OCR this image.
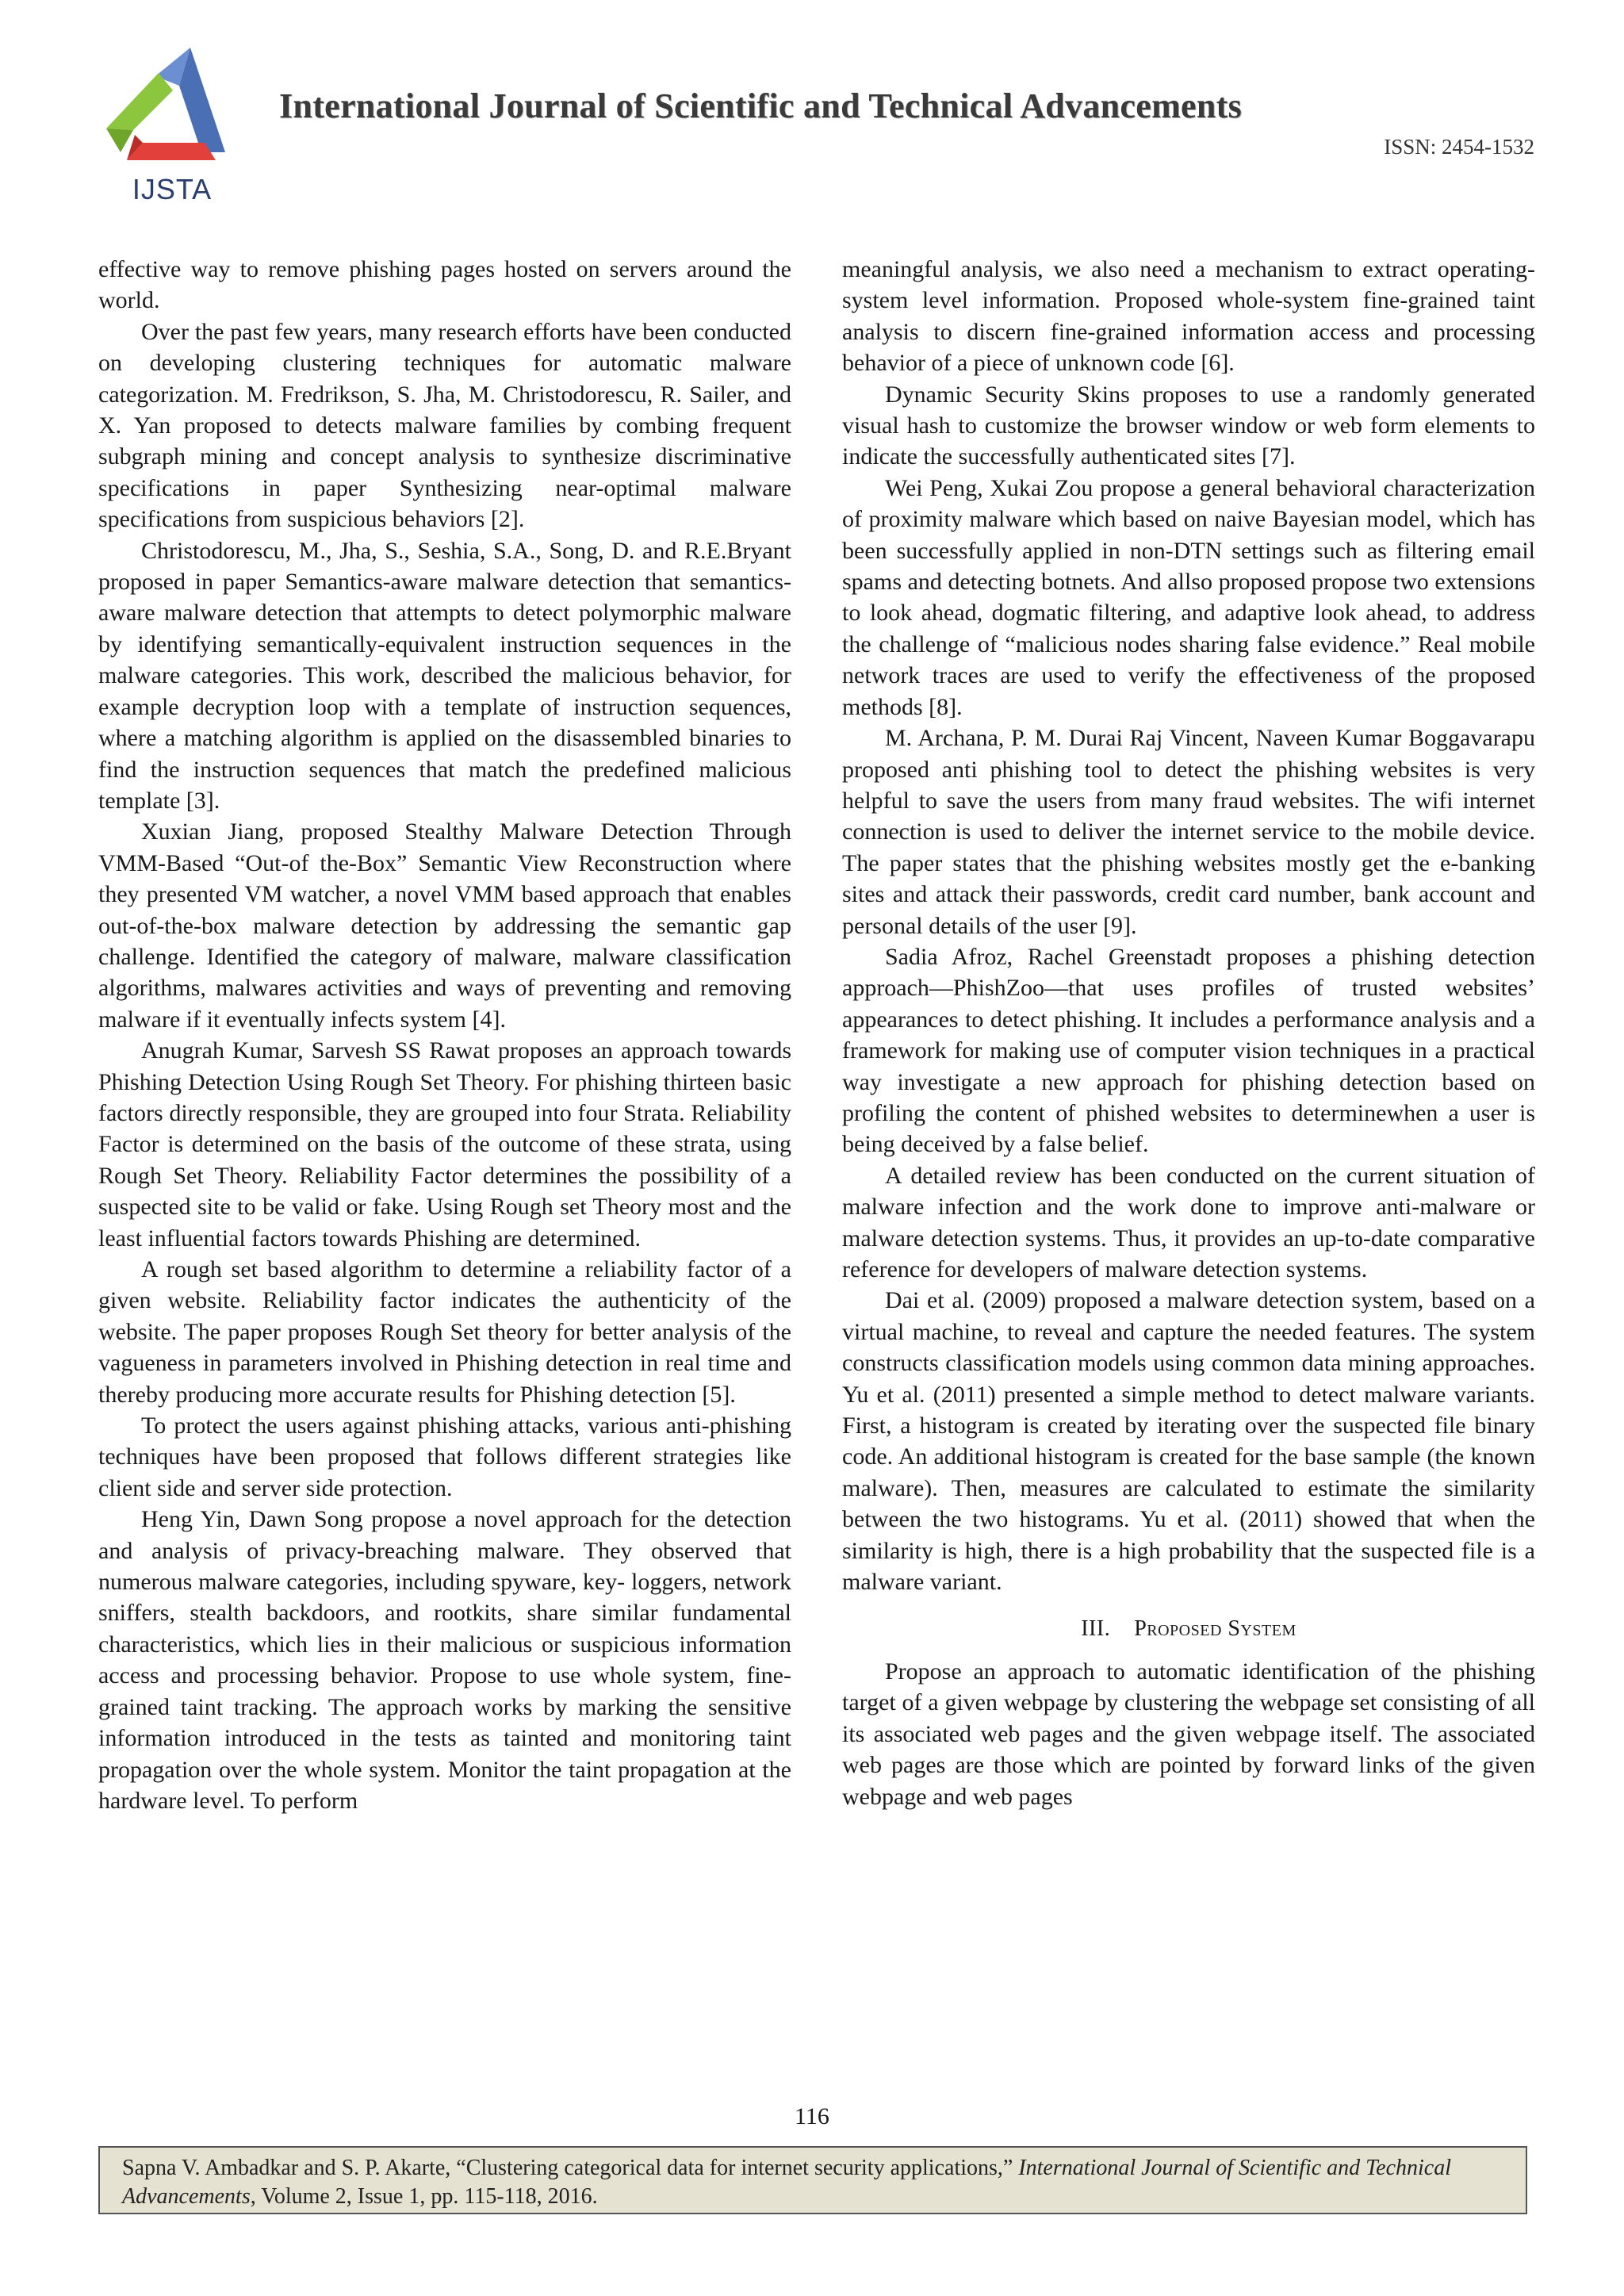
IJSTA
International Journal of Scientific and Technical Advancements
ISSN: 2454-1532

effective way to remove phishing pages hosted on servers around the world.

Over the past few years, many research efforts have been conducted on developing clustering techniques for automatic malware categorization. M. Fredrikson, S. Jha, M. Christodorescu, R. Sailer, and X. Yan proposed to detects malware families by combing frequent subgraph mining and concept analysis to synthesize discriminative specifications in paper Synthesizing near-optimal malware specifications from suspicious behaviors [2].

Christodorescu, M., Jha, S., Seshia, S.A., Song, D. and R.E.Bryant proposed in paper Semantics-aware malware detection that semantics-aware malware detection that attempts to detect polymorphic malware by identifying semantically-equivalent instruction sequences in the malware categories. This work, described the malicious behavior, for example decryption loop with a template of instruction sequences, where a matching algorithm is applied on the disassembled binaries to find the instruction sequences that match the predefined malicious template [3].

Xuxian Jiang, proposed Stealthy Malware Detection Through VMM-Based “Out-of the-Box” Semantic View Reconstruction where they presented VM watcher, a novel VMM based approach that enables out-of-the-box malware detection by addressing the semantic gap challenge. Identified the category of malware, malware classification algorithms, malwares activities and ways of preventing and removing malware if it eventually infects system [4].

Anugrah Kumar, Sarvesh SS Rawat proposes an approach towards Phishing Detection Using Rough Set Theory. For phishing thirteen basic factors directly responsible, they are grouped into four Strata. Reliability Factor is determined on the basis of the outcome of these strata, using Rough Set Theory. Reliability Factor determines the possibility of a suspected site to be valid or fake. Using Rough set Theory most and the least influential factors towards Phishing are determined.

A rough set based algorithm to determine a reliability factor of a given website. Reliability factor indicates the authenticity of the website. The paper proposes Rough Set theory for better analysis of the vagueness in parameters involved in Phishing detection in real time and thereby producing more accurate results for Phishing detection [5].

To protect the users against phishing attacks, various anti-phishing techniques have been proposed that follows different strategies like client side and server side protection.

Heng Yin, Dawn Song propose a novel approach for the detection and analysis of privacy-breaching malware. They observed that numerous malware categories, including spyware, key- loggers, network sniffers, stealth backdoors, and rootkits, share similar fundamental characteristics, which lies in their malicious or suspicious information access and processing behavior. Propose to use whole system, fine-grained taint tracking. The approach works by marking the sensitive information introduced in the tests as tainted and monitoring taint propagation over the whole system. Monitor the taint propagation at the hardware level. To perform

meaningful analysis, we also need a mechanism to extract operating-system level information. Proposed whole-system fine-grained taint analysis to discern fine-grained information access and processing behavior of a piece of unknown code [6].

Dynamic Security Skins proposes to use a randomly generated visual hash to customize the browser window or web form elements to indicate the successfully authenticated sites [7].

Wei Peng, Xukai Zou propose a general behavioral characterization of proximity malware which based on naive Bayesian model, which has been successfully applied in non-DTN settings such as filtering email spams and detecting botnets. And allso proposed propose two extensions to look ahead, dogmatic filtering, and adaptive look ahead, to address the challenge of “malicious nodes sharing false evidence.” Real mobile network traces are used to verify the effectiveness of the proposed methods [8].

M. Archana, P. M. Durai Raj Vincent, Naveen Kumar Boggavarapu proposed anti phishing tool to detect the phishing websites is very helpful to save the users from many fraud websites. The wifi internet connection is used to deliver the internet service to the mobile device. The paper states that the phishing websites mostly get the e-banking sites and attack their passwords, credit card number, bank account and personal details of the user [9].

Sadia Afroz, Rachel Greenstadt proposes a phishing detection approach—PhishZoo—that uses profiles of trusted websites’ appearances to detect phishing. It includes a performance analysis and a framework for making use of computer vision techniques in a practical way investigate a new approach for phishing detection based on profiling the content of phished websites to determinewhen a user is being deceived by a false belief.

A detailed review has been conducted on the current situation of malware infection and the work done to improve anti-malware or malware detection systems. Thus, it provides an up-to-date comparative reference for developers of malware detection systems.

Dai et al. (2009) proposed a malware detection system, based on a virtual machine, to reveal and capture the needed features. The system constructs classification models using common data mining approaches. Yu et al. (2011) presented a simple method to detect malware variants. First, a histogram is created by iterating over the suspected file binary code. An additional histogram is created for the base sample (the known malware). Then, measures are calculated to estimate the similarity between the two histograms. Yu et al. (2011) showed that when the similarity is high, there is a high probability that the suspected file is a malware variant.

III. Proposed System

Propose an approach to automatic identification of the phishing target of a given webpage by clustering the webpage set consisting of all its associated web pages and the given webpage itself. The associated web pages are those which are pointed by forward links of the given webpage and web pages

116
Sapna V. Ambadkar and S. P. Akarte, “Clustering categorical data for internet security applications,” International Journal of Scientific and Technical Advancements, Volume 2, Issue 1, pp. 115-118, 2016.
